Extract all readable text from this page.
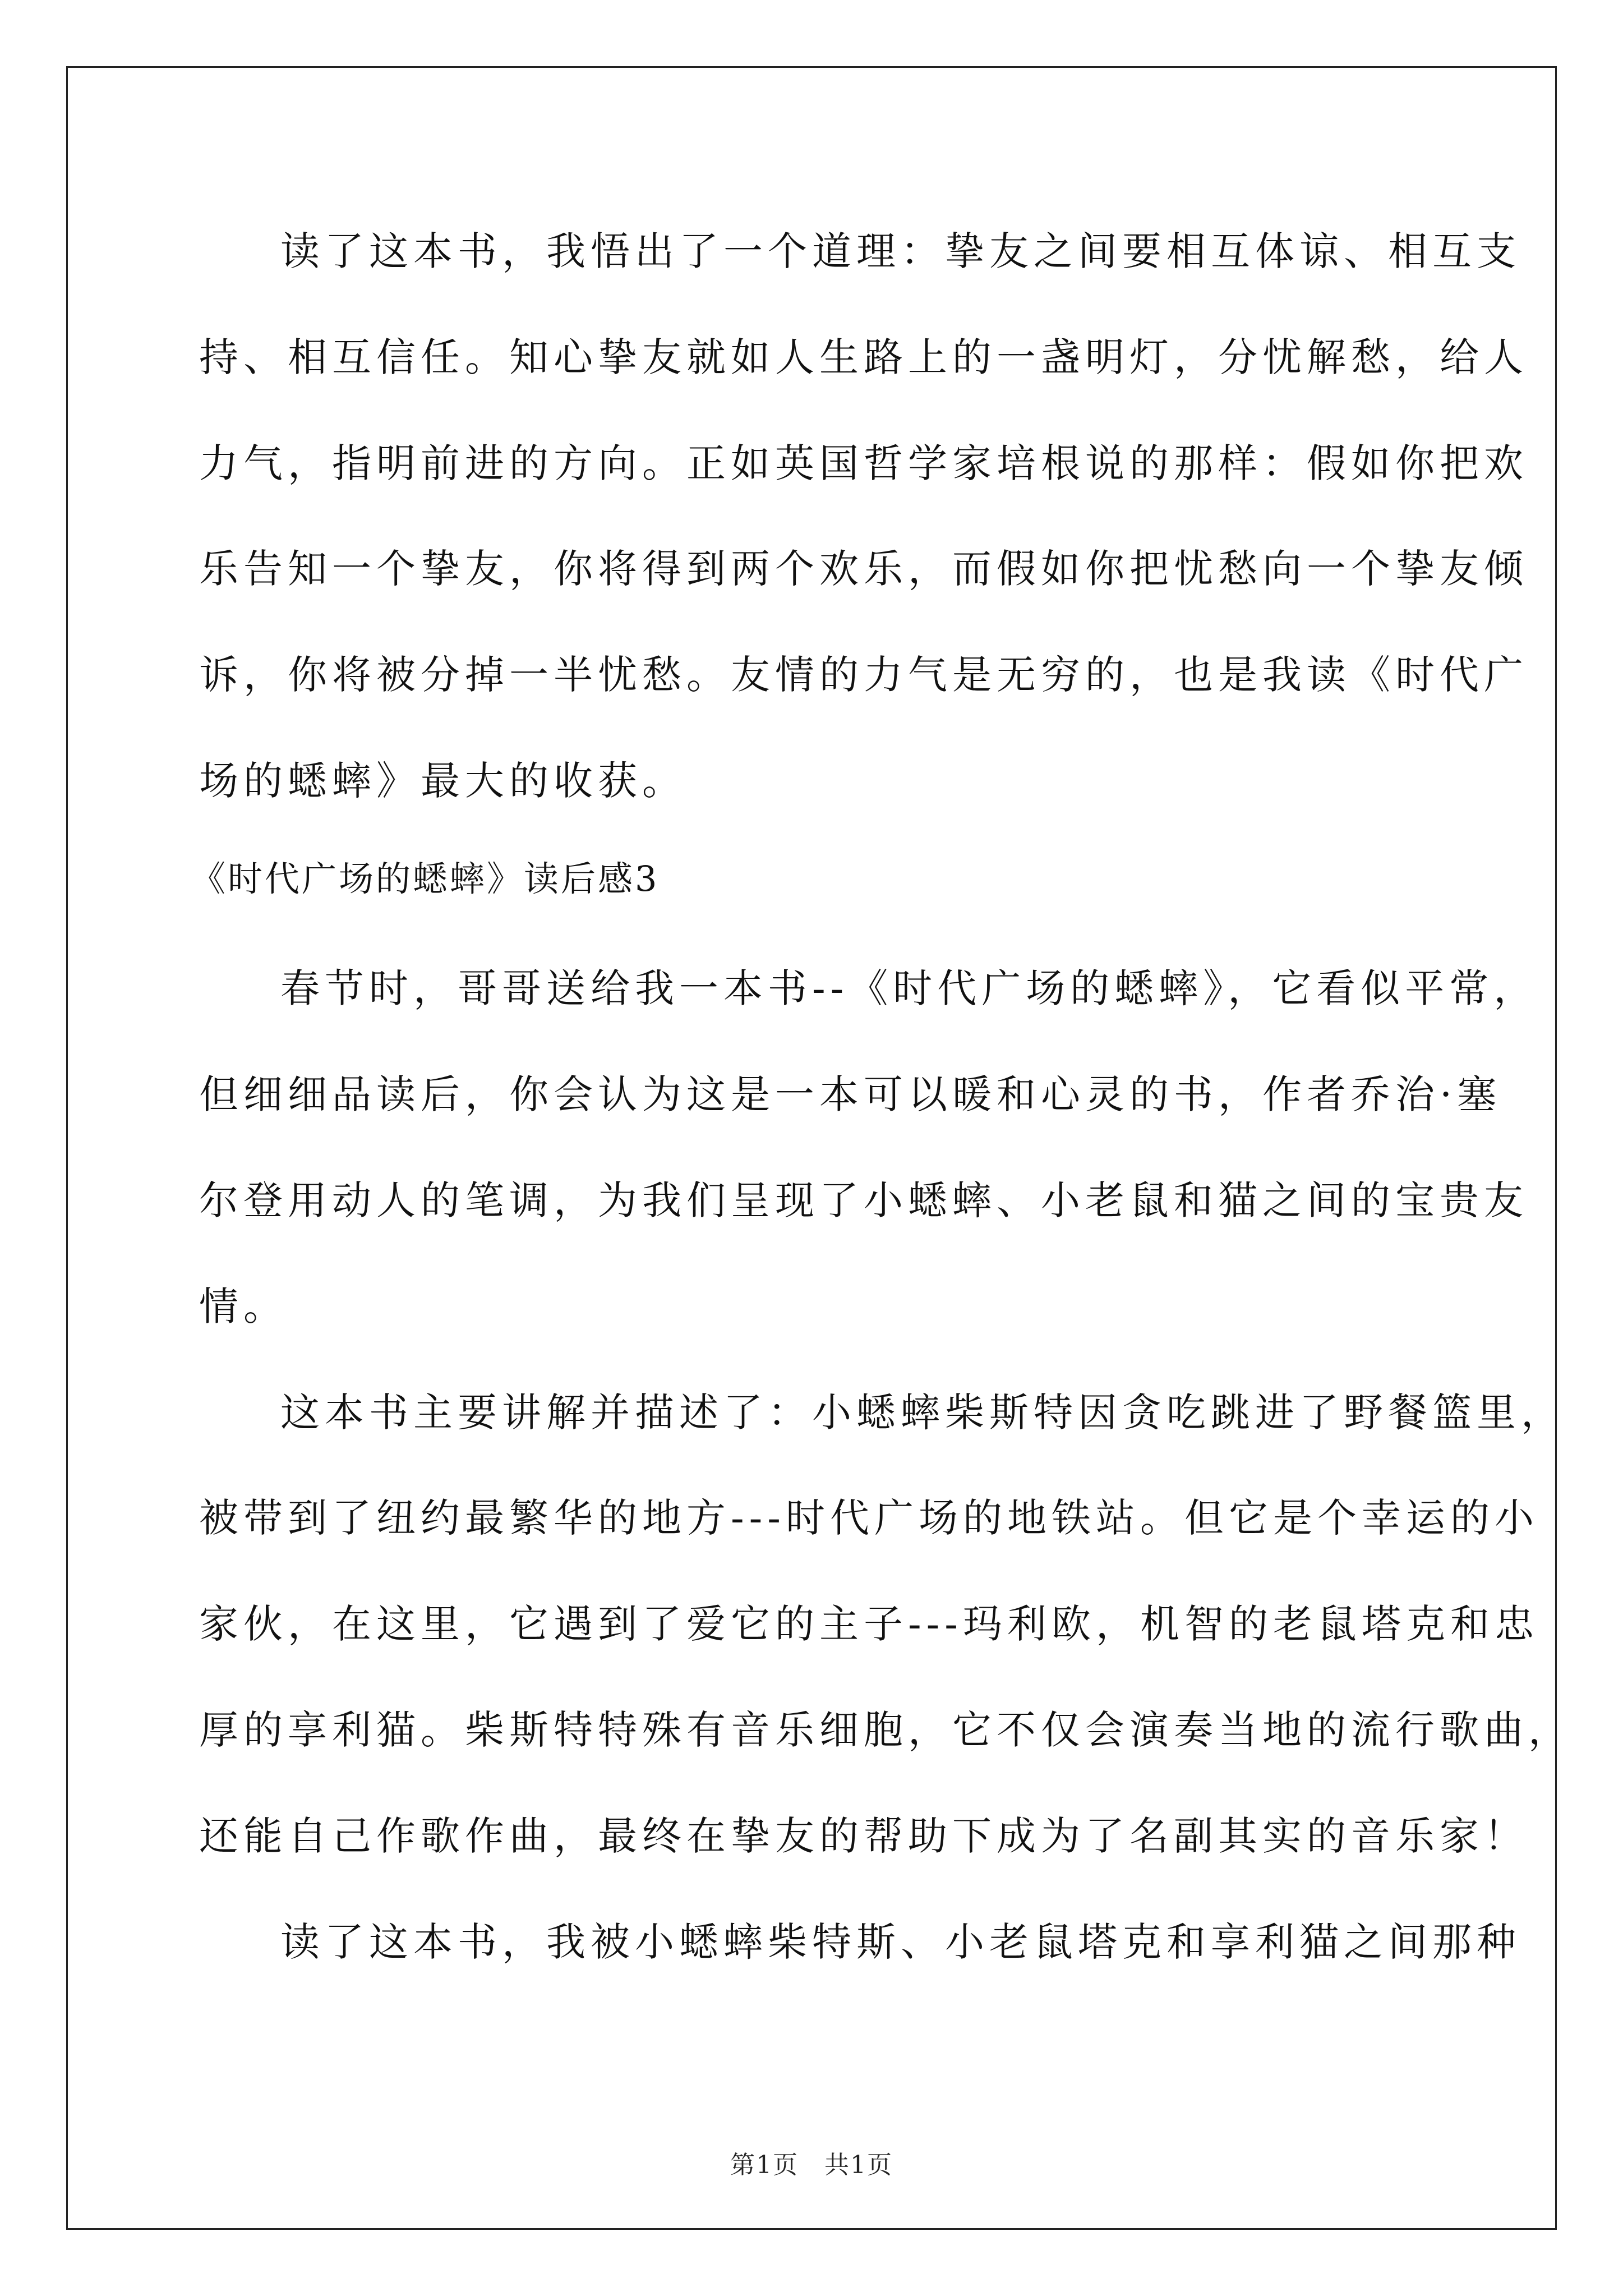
读了这本书，我悟出了一个道理：挚友之间要相互体谅、相互支
持、相互信任。知心挚友就如人生路上的一盏明灯，分忧解愁，给人
力气，指明前进的方向。正如英国哲学家培根说的那样：假如你把欢
乐告知一个挚友，你将得到两个欢乐，而假如你把忧愁向一个挚友倾
诉，你将被分掉一半忧愁。友情的力气是无穷的，也是我读《时代广
场的蟋蟀》最大的收获。
《时代广场的蟋蟀》读后感3
春节时，哥哥送给我一本书--《时代广场的蟋蟀》，它看似平常，
但细细品读后，你会认为这是一本可以暖和心灵的书，作者乔治·塞
尔登用动人的笔调，为我们呈现了小蟋蟀、小老鼠和猫之间的宝贵友
情。
这本书主要讲解并描述了：小蟋蟀柴斯特因贪吃跳进了野餐篮里，
被带到了纽约最繁华的地方---时代广场的地铁站。但它是个幸运的小
家伙，在这里，它遇到了爱它的主子---玛利欧，机智的老鼠塔克和忠
厚的享利猫。柴斯特特殊有音乐细胞，它不仅会演奏当地的流行歌曲，
还能自己作歌作曲，最终在挚友的帮助下成为了名副其实的音乐家！
读了这本书，我被小蟋蟀柴特斯、小老鼠塔克和享利猫之间那种
第1页　共1页
